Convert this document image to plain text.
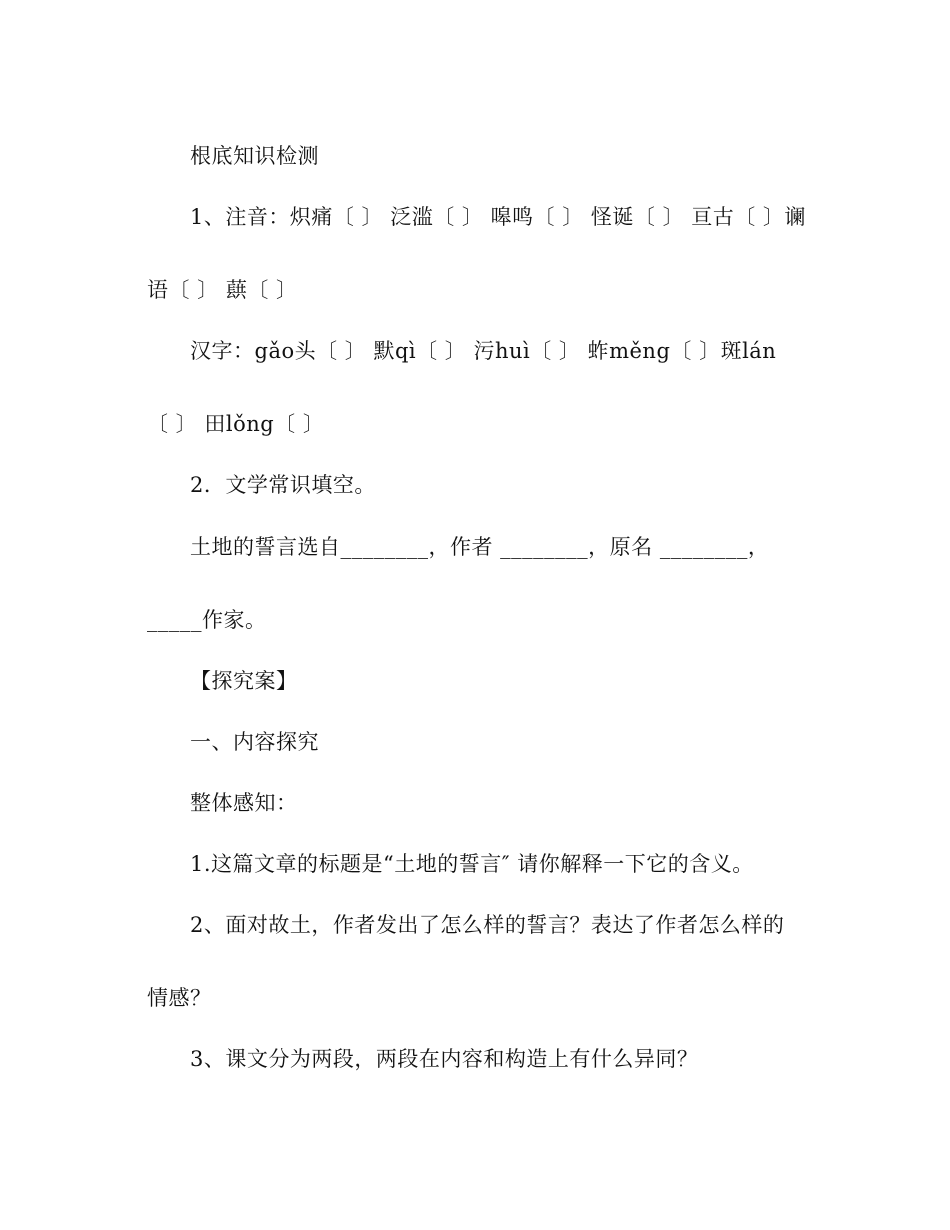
根底知识检测
1、注音：炽痛〔 〕 泛滥〔 〕 嗥鸣〔 〕 怪诞〔 〕 亘古〔 〕谰
语〔 〕 蕻〔 〕
汉字：gǎo头〔 〕 默qì〔 〕 污huì〔 〕 蚱měng〔 〕斑lán
〔 〕 田lǒng〔 〕
2．文学常识填空。
土地的誓言选自________，作者 ________，原名 ________，
_____作家。
【探究案】
一、内容探究
整体感知：
1.这篇文章的标题是“土地的誓言″ 请你解释一下它的含义。
2、面对故土，作者发出了怎么样的誓言？表达了作者怎么样的
情感？
3、课文分为两段，两段在内容和构造上有什么异同？
